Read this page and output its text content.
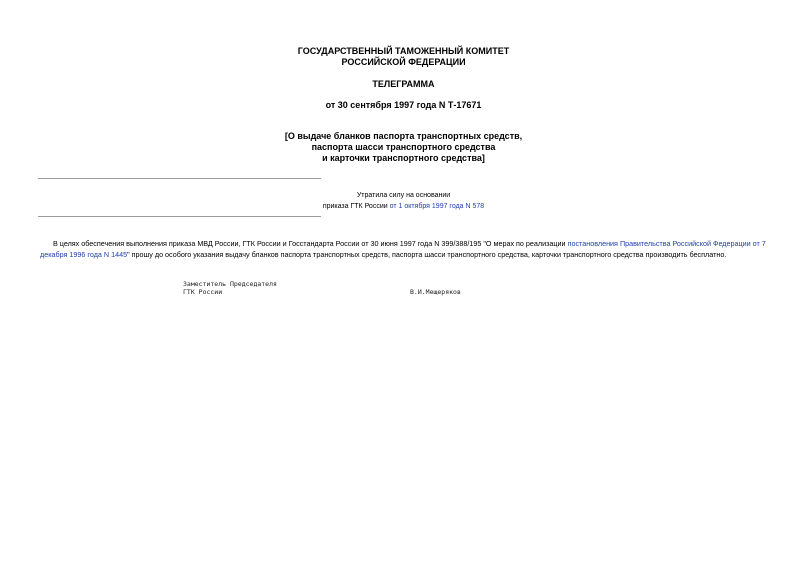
ГОСУДАРСТВЕННЫЙ ТАМОЖЕННЫЙ КОМИТЕТ

РОССИЙСКОЙ ФЕДЕРАЦИИ

ТЕЛЕГРАММА

от 30 сентября 1997 года N Т-17671

[О выдаче бланков паспорта транспортных средств,

паспорта шасси транспортного средства

и карточки транспортного средства]

Утратила силу на основании

приказа ГТК России от 1 октября 1997 года N 578

В целях обеспечения выполнения приказа МВД России, ГТК России и Госстандарта России от 30 июня 1997 года N 399/388/195 "О мерах по реализации постановления Правительства Российской Федерации от 7 декабря 1996 года N 1445" прошу до особого указания выдачу бланков паспорта транспортных средств, паспорта шасси транспортного средства, карточки транспортного средства производить бесплатно.

Заместитель Председателя

ГТК России	В.И.Мещеряков
